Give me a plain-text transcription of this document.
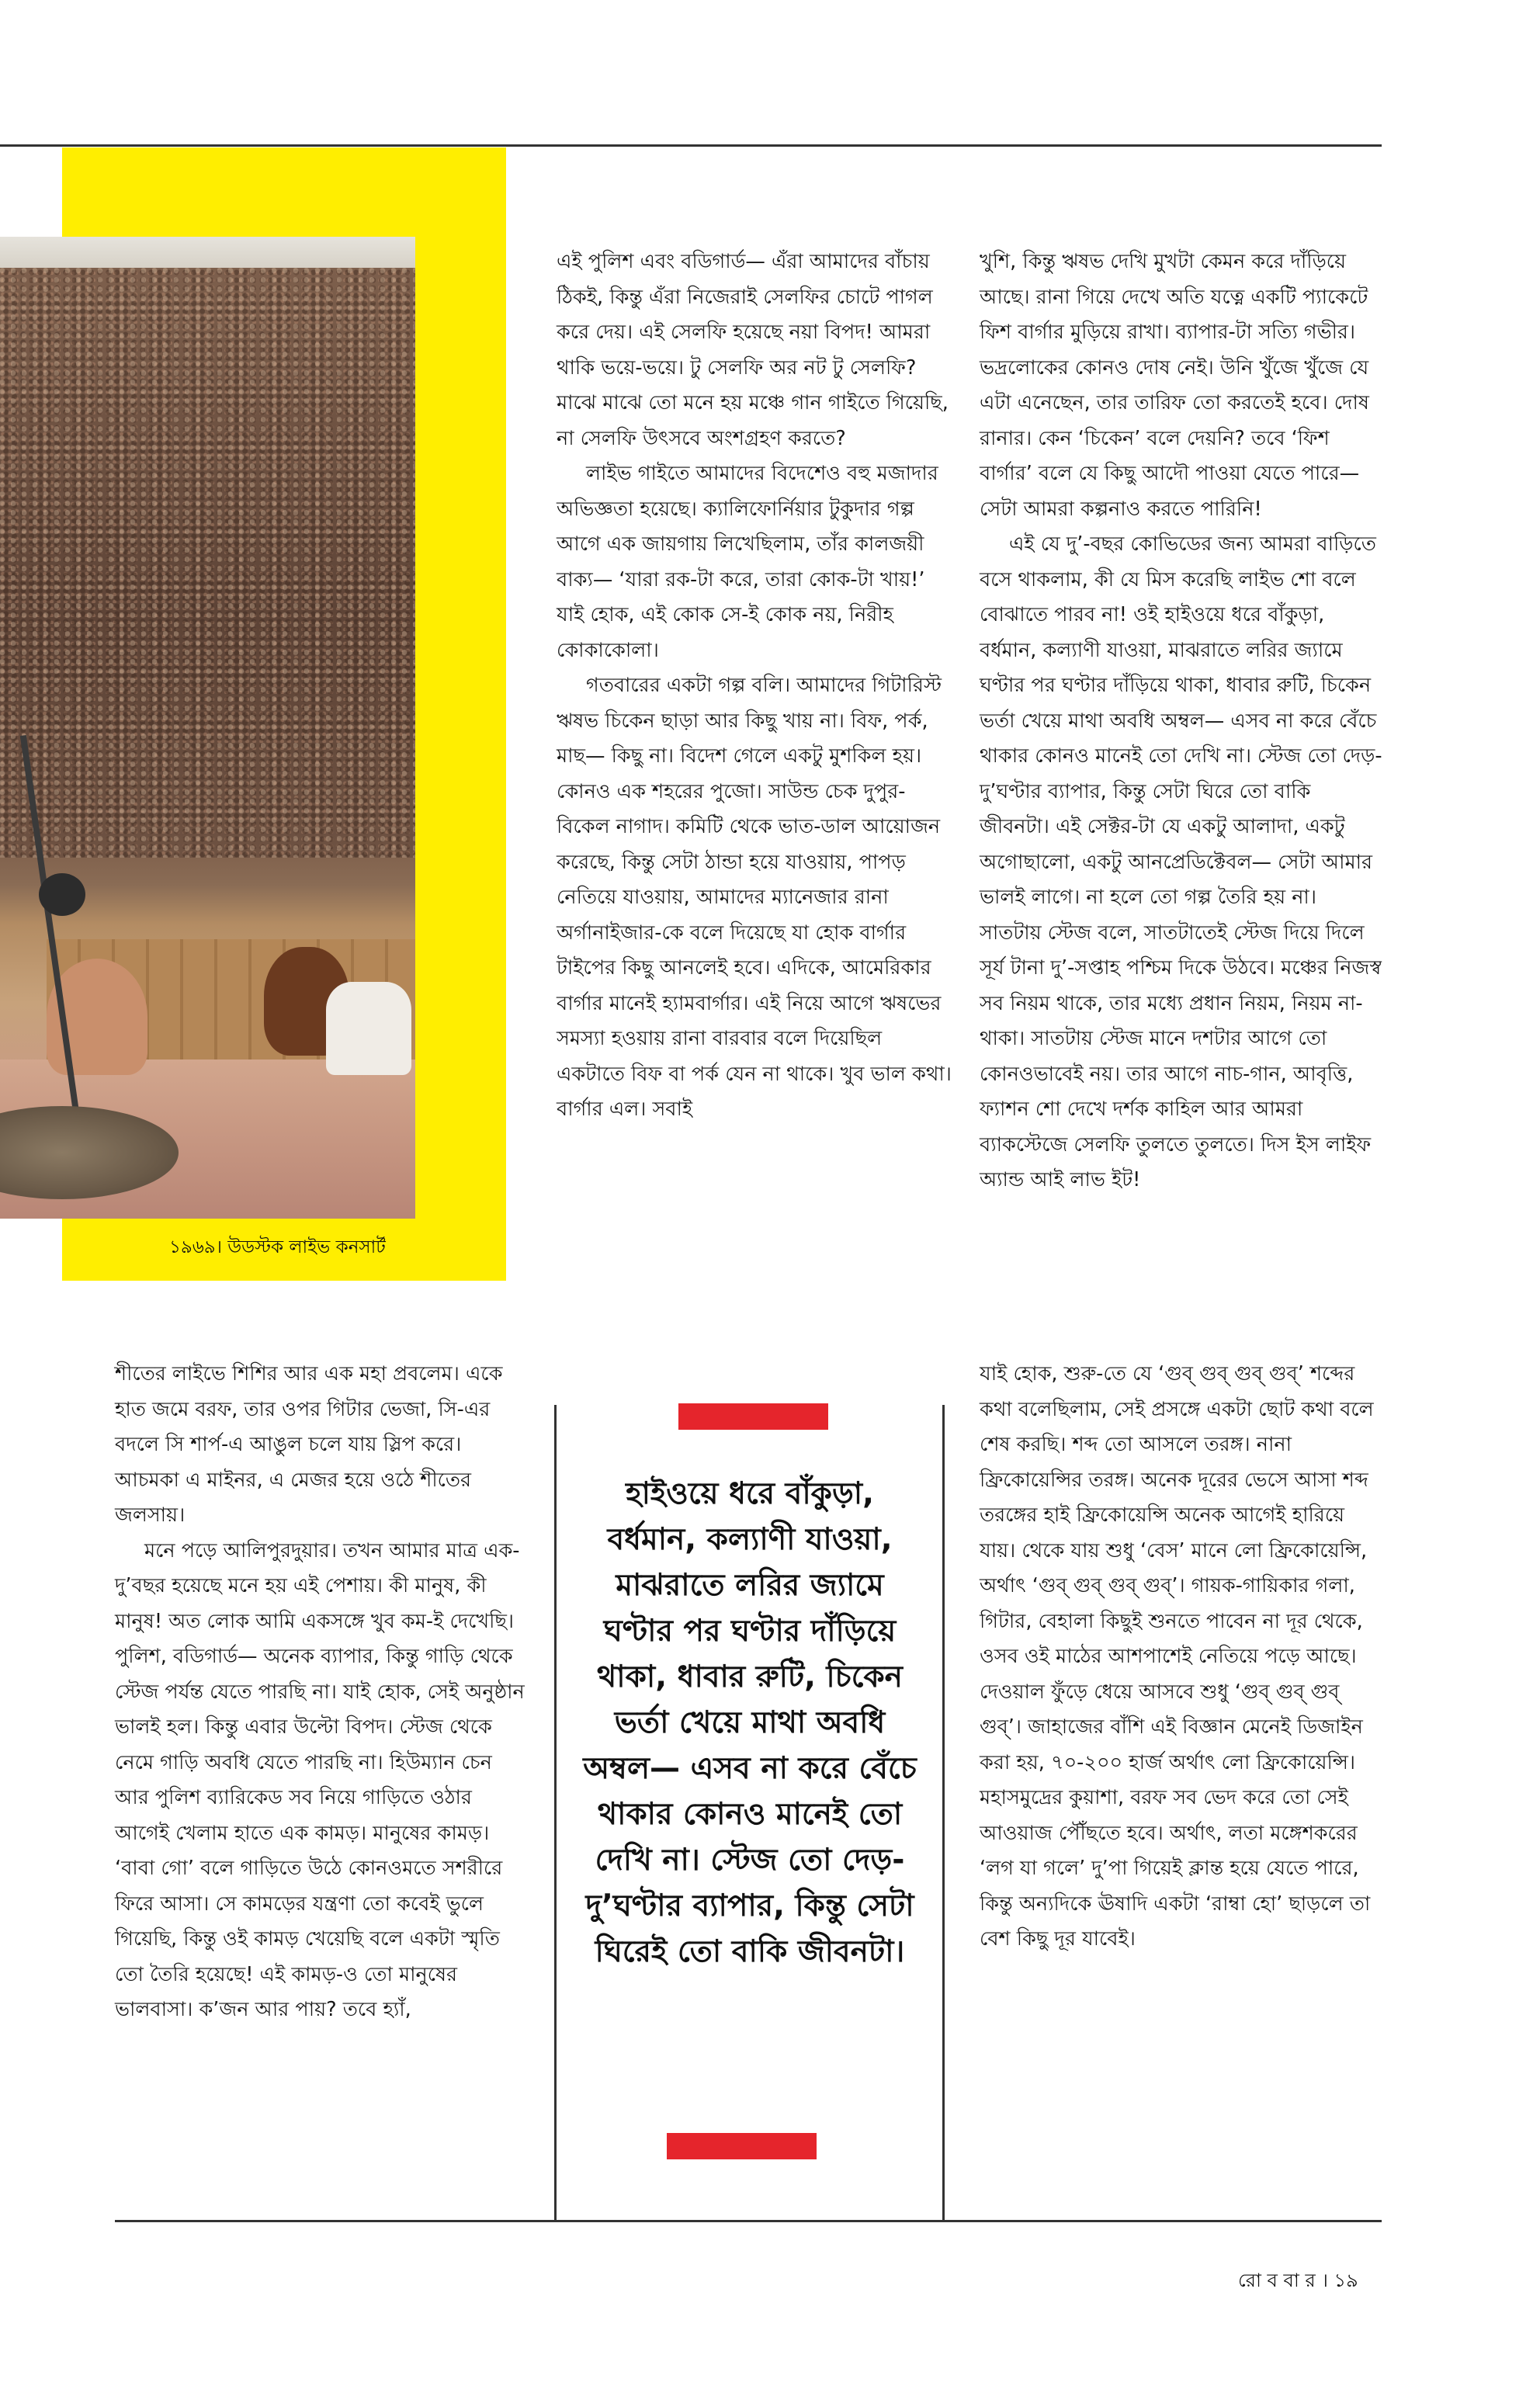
১৯৬৯। উডস্টক লাইভ কনসার্ট

এই পুলিশ এবং বডিগার্ড— এঁরা আমাদের বাঁচায় ঠিকই, কিন্তু এঁরা নিজেরাই সেলফির চোটে পাগল করে দেয়। এই সেলফি হয়েছে নয়া বিপদ! আমরা থাকি ভয়ে-ভয়ে। টু সেলফি অর নট টু সেলফি? মাঝে মাঝে তো মনে হয় মঞ্চে গান গাইতে গিয়েছি, না সেলফি উৎসবে অংশগ্রহণ করতে?

লাইভ গাইতে আমাদের বিদেশেও বহু মজাদার অভিজ্ঞতা হয়েছে। ক্যালিফোর্নিয়ার টুকুদার গল্প আগে এক জায়গায় লিখেছিলাম, তাঁর কালজয়ী বাক্য— ‘যারা রক-টা করে, তারা কোক-টা খায়!’ যাই হোক, এই কোক সে-ই কোক নয়, নিরীহ কোকাকোলা।

গতবারের একটা গল্প বলি। আমাদের গিটারিস্ট ঋষভ চিকেন ছাড়া আর কিছু খায় না। বিফ, পর্ক, মাছ— কিছু না। বিদেশ গেলে একটু মুশকিল হয়। কোনও এক শহরের পুজো। সাউন্ড চেক দুপুর-বিকেল নাগাদ। কমিটি থেকে ভাত-ডাল আয়োজন করেছে, কিন্তু সেটা ঠান্ডা হয়ে যাওয়ায়, পাপড় নেতিয়ে যাওয়ায়, আমাদের ম্যানেজার রানা অর্গানাইজার-কে বলে দিয়েছে যা হোক বার্গার টাইপের কিছু আনলেই হবে। এদিকে, আমেরিকার বার্গার মানেই হ্যামবার্গার। এই নিয়ে আগে ঋষভের সমস্যা হওয়ায় রানা বারবার বলে দিয়েছিল একটাতে বিফ বা পর্ক যেন না থাকে। খুব ভাল কথা। বার্গার এল। সবাই

খুশি, কিন্তু ঋষভ দেখি মুখটা কেমন করে দাঁড়িয়ে আছে। রানা গিয়ে দেখে অতি যত্নে একটি প্যাকেটে ফিশ বার্গার মুড়িয়ে রাখা। ব্যাপার-টা সত্যি গভীর। ভদ্রলোকের কোনও দোষ নেই। উনি খুঁজে খুঁজে যে এটা এনেছেন, তার তারিফ তো করতেই হবে। দোষ রানার। কেন ‘চিকেন’ বলে দেয়নি? তবে ‘ফিশ বার্গার’ বলে যে কিছু আদৌ পাওয়া যেতে পারে— সেটা আমরা কল্পনাও করতে পারিনি!

এই যে দু’-বছর কোভিডের জন্য আমরা বাড়িতে বসে থাকলাম, কী যে মিস করেছি লাইভ শো বলে বোঝাতে পারব না! ওই হাইওয়ে ধরে বাঁকুড়া, বর্ধমান, কল্যাণী যাওয়া, মাঝরাতে লরির জ্যামে ঘণ্টার পর ঘণ্টার দাঁড়িয়ে থাকা, ধাবার রুটি, চিকেন ভর্তা খেয়ে মাথা অবধি অম্বল— এসব না করে বেঁচে থাকার কোনও মানেই তো দেখি না। স্টেজ তো দেড়-দু’ঘণ্টার ব্যাপার, কিন্তু সেটা ঘিরে তো বাকি জীবনটা। এই সেক্টর-টা যে একটু আলাদা, একটু অগোছালো, একটু আনপ্রেডিক্টেবল— সেটা আমার ভালই লাগে। না হলে তো গল্প তৈরি হয় না। সাতটায় স্টেজ বলে, সাতটাতেই স্টেজ দিয়ে দিলে সূর্য টানা দু’-সপ্তাহ পশ্চিম দিকে উঠবে। মঞ্চের নিজস্ব সব নিয়ম থাকে, তার মধ্যে প্রধান নিয়ম, নিয়ম না-থাকা। সাতটায় স্টেজ মানে দশটার আগে তো কোনওভাবেই নয়। তার আগে নাচ-গান, আবৃত্তি, ফ্যাশন শো দেখে দর্শক কাহিল আর আমরা ব্যাকস্টেজে সেলফি তুলতে তুলতে। দিস ইস লাইফ অ্যান্ড আই লাভ ইট!

শীতের লাইভে শিশির আর এক মহা প্রবলেম। একে হাত জমে বরফ, তার ওপর গিটার ভেজা, সি-এর বদলে সি শার্প-এ আঙুল চলে যায় স্লিপ করে। আচমকা এ মাইনর, এ মেজর হয়ে ওঠে শীতের জলসায়।

মনে পড়ে আলিপুরদুয়ার। তখন আমার মাত্র এক-দু’বছর হয়েছে মনে হয় এই পেশায়। কী মানুষ, কী মানুষ! অত লোক আমি একসঙ্গে খুব কম-ই দেখেছি। পুলিশ, বডিগার্ড— অনেক ব্যাপার, কিন্তু গাড়ি থেকে স্টেজ পর্যন্ত যেতে পারছি না। যাই হোক, সেই অনুষ্ঠান ভালই হল। কিন্তু এবার উল্টো বিপদ। স্টেজ থেকে নেমে গাড়ি অবধি যেতে পারছি না। হিউম্যান চেন আর পুলিশ ব্যারিকেড সব নিয়ে গাড়িতে ওঠার আগেই খেলাম হাতে এক কামড়। মানুষের কামড়। ‘বাবা গো’ বলে গাড়িতে উঠে কোনওমতে সশরীরে ফিরে আসা। সে কামড়ের যন্ত্রণা তো কবেই ভুলে গিয়েছি, কিন্তু ওই কামড় খেয়েছি বলে একটা স্মৃতি তো তৈরি হয়েছে! এই কামড়-ও তো মানুষের ভালবাসা। ক’জন আর পায়? তবে হ্যাঁ,

হাইওয়ে ধরে বাঁকুড়া, বর্ধমান, কল্যাণী যাওয়া, মাঝরাতে লরির জ্যামে ঘণ্টার পর ঘণ্টার দাঁড়িয়ে থাকা, ধাবার রুটি, চিকেন ভর্তা খেয়ে মাথা অবধি অম্বল— এসব না করে বেঁচে থাকার কোনও মানেই তো দেখি না। স্টেজ তো দেড়-দু’ঘণ্টার ব্যাপার, কিন্তু সেটা ঘিরেই তো বাকি জীবনটা।

যাই হোক, শুরু-তে যে ‘গুব্ গুব্ গুব্ গুব্’ শব্দের কথা বলেছিলাম, সেই প্রসঙ্গে একটা ছোট কথা বলে শেষ করছি। শব্দ তো আসলে তরঙ্গ। নানা ফ্রিকোয়েন্সির তরঙ্গ। অনেক দূরের ভেসে আসা শব্দ তরঙ্গের হাই ফ্রিকোয়েন্সি অনেক আগেই হারিয়ে যায়। থেকে যায় শুধু ‘বেস’ মানে লো ফ্রিকোয়েন্সি, অর্থাৎ ‘গুব্ গুব্ গুব্ গুব্’। গায়ক-গায়িকার গলা, গিটার, বেহালা কিছুই শুনতে পাবেন না দূর থেকে, ওসব ওই মাঠের আশপাশেই নেতিয়ে পড়ে আছে। দেওয়াল ফুঁড়ে ধেয়ে আসবে শুধু ‘গুব্ গুব্ গুব্ গুব্’। জাহাজের বাঁশি এই বিজ্ঞান মেনেই ডিজাইন করা হয়, ৭০-২০০ হার্জ অর্থাৎ লো ফ্রিকোয়েন্সি। মহাসমুদ্রের কুয়াশা, বরফ সব ভেদ করে তো সেই আওয়াজ পৌঁছতে হবে। অর্থাৎ, লতা মঙ্গেশকরের ‘লগ যা গলে’ দু’পা গিয়েই ক্লান্ত হয়ে যেতে পারে, কিন্তু অন্যদিকে ঊষাদি একটা ‘রাম্বা হো’ ছাড়লে তা বেশ কিছু দূর যাবেই।

রো ব বা র । ১৯
